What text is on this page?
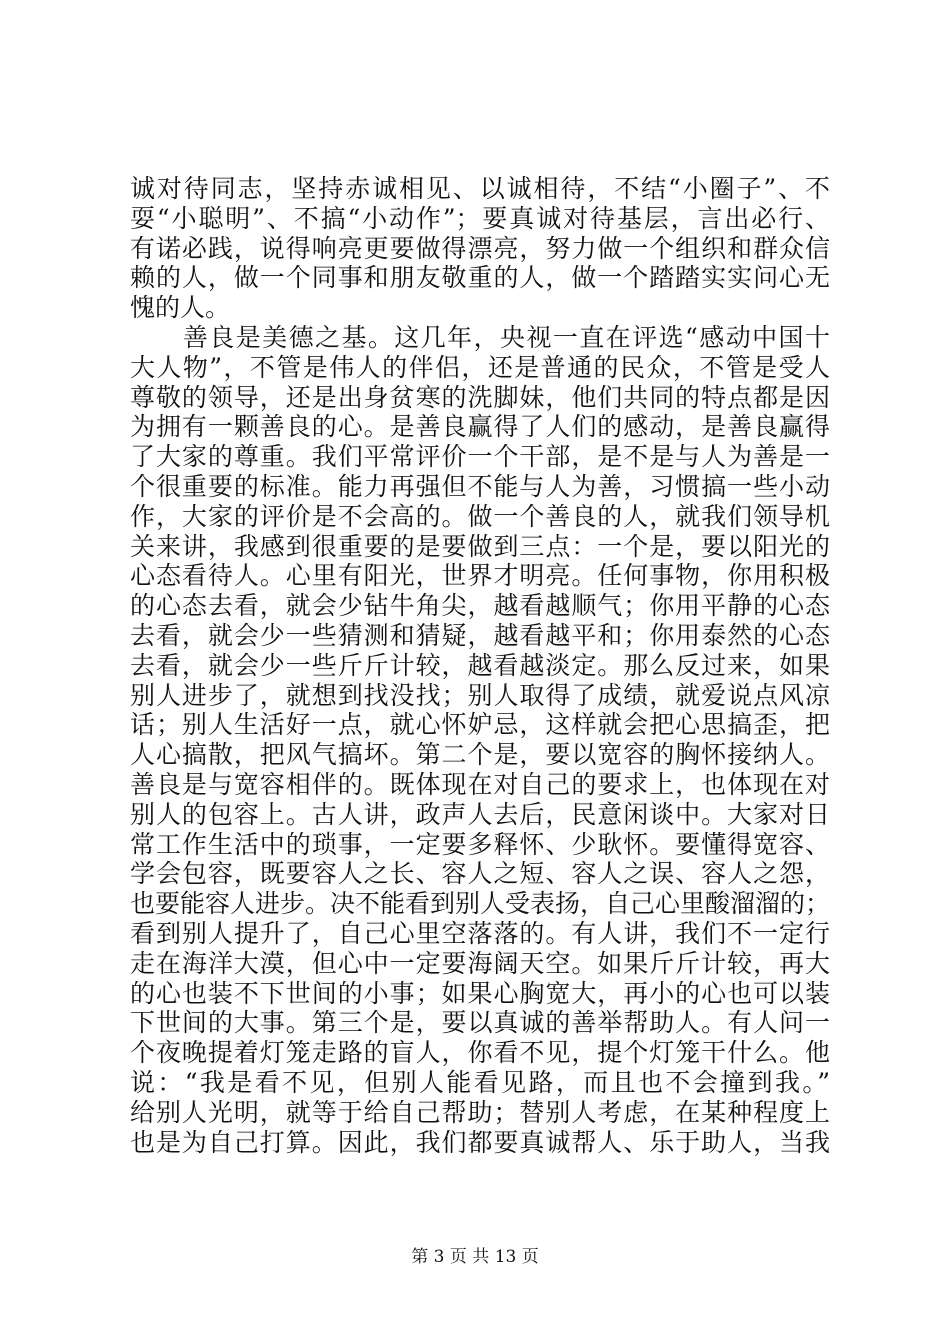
诚对待同志，坚持赤诚相见、以诚相待，不结“小圈子”、不
耍“小聪明”、不搞“小动作”；要真诚对待基层，言出必行、
有诺必践，说得响亮更要做得漂亮，努力做一个组织和群众信
赖的人，做一个同事和朋友敬重的人，做一个踏踏实实问心无
愧的人。
　　善良是美德之基。这几年，央视一直在评选“感动中国十
大人物”，不管是伟人的伴侣，还是普通的民众，不管是受人
尊敬的领导，还是出身贫寒的洗脚妹，他们共同的特点都是因
为拥有一颗善良的心。是善良赢得了人们的感动，是善良赢得
了大家的尊重。我们平常评价一个干部，是不是与人为善是一
个很重要的标准。能力再强但不能与人为善，习惯搞一些小动
作，大家的评价是不会高的。做一个善良的人，就我们领导机
关来讲，我感到很重要的是要做到三点：一个是，要以阳光的
心态看待人。心里有阳光，世界才明亮。任何事物，你用积极
的心态去看，就会少钻牛角尖，越看越顺气；你用平静的心态
去看，就会少一些猜测和猜疑，越看越平和；你用泰然的心态
去看，就会少一些斤斤计较，越看越淡定。那么反过来，如果
别人进步了，就想到找没找；别人取得了成绩，就爱说点风凉
话；别人生活好一点，就心怀妒忌，这样就会把心思搞歪，把
人心搞散，把风气搞坏。第二个是，要以宽容的胸怀接纳人。
善良是与宽容相伴的。既体现在对自己的要求上，也体现在对
别人的包容上。古人讲，政声人去后，民意闲谈中。大家对日
常工作生活中的琐事，一定要多释怀、少耿怀。要懂得宽容、
学会包容，既要容人之长、容人之短、容人之误、容人之怨，
也要能容人进步。决不能看到别人受表扬，自己心里酸溜溜的；
看到别人提升了，自己心里空落落的。有人讲，我们不一定行
走在海洋大漠，但心中一定要海阔天空。如果斤斤计较，再大
的心也装不下世间的小事；如果心胸宽大，再小的心也可以装
下世间的大事。第三个是，要以真诚的善举帮助人。有人问一
个夜晚提着灯笼走路的盲人，你看不见，提个灯笼干什么。他
说：“我是看不见，但别人能看见路，而且也不会撞到我。”
给别人光明，就等于给自己帮助；替别人考虑，在某种程度上
也是为自己打算。因此，我们都要真诚帮人、乐于助人，当我
第 3 页 共 13 页
